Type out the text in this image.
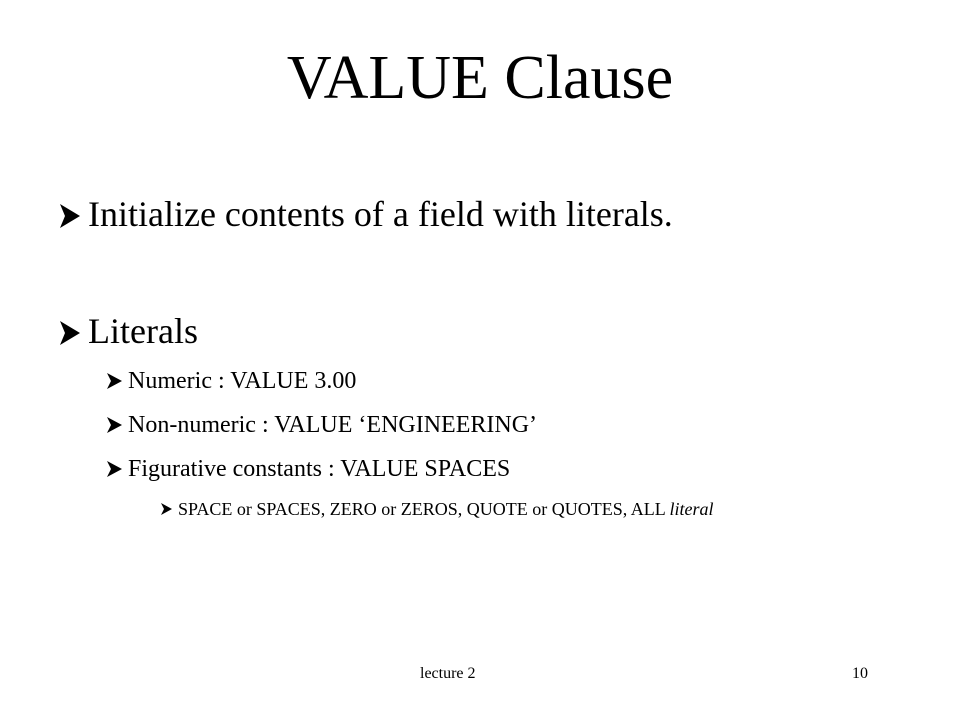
VALUE Clause
Initialize contents of a field with literals.
Literals
Numeric : VALUE 3.00
Non-numeric : VALUE ‘ENGINEERING’
Figurative constants : VALUE SPACES
SPACE or SPACES, ZERO or ZEROS, QUOTE or QUOTES, ALL literal
lecture 2	10
